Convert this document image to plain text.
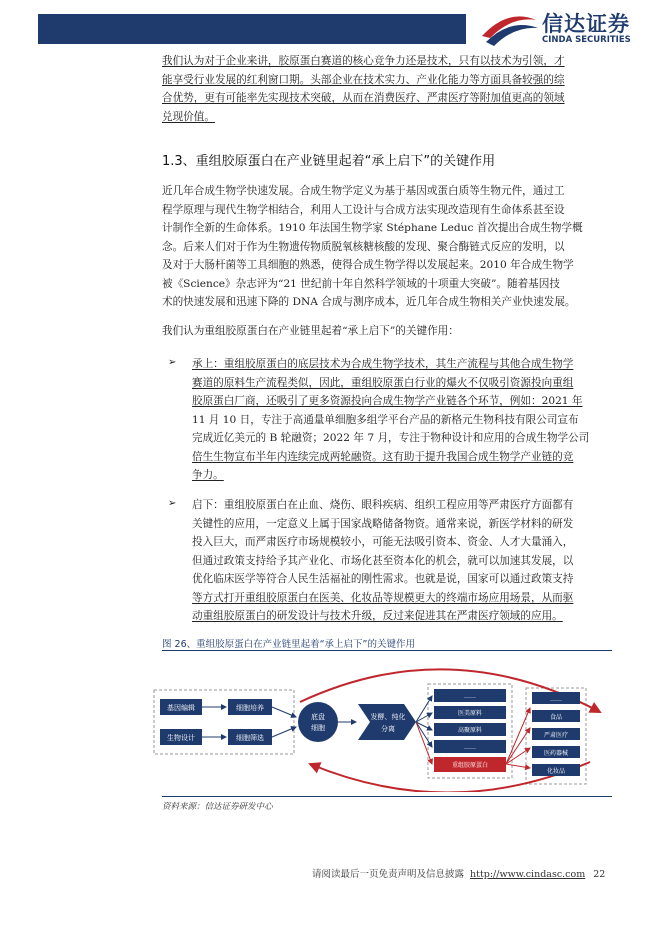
信达证券
CINDA SECURITIES
我们认为对于企业来讲，胶原蛋白赛道的核心竞争力还是技术，只有以技术为引领，才
能享受行业发展的红利窗口期。头部企业在技术实力、产业化能力等方面具备较强的综
合优势，更有可能率先实现技术突破，从而在消费医疗、严肃医疗等附加值更高的领域
兑现价值。
1.3、重组胶原蛋白在产业链里起着“承上启下”的关键作用
近几年合成生物学快速发展。合成生物学定义为基于基因或蛋白质等生物元件，通过工
程学原理与现代生物学相结合，利用人工设计与合成方法实现改造现有生命体系甚至设
计制作全新的生命体系。1910 年法国生物学家 Stéphane Leduc 首次提出合成生物学概
念。后来人们对于作为生物遗传物质脱氧核糖核酸的发现、聚合酶链式反应的发明，以
及对于大肠杆菌等工具细胞的熟悉，使得合成生物学得以发展起来。2010 年合成生物学
被《Science》杂志评为“21 世纪前十年自然科学领域的十项重大突破”。随着基因技
术的快速发展和迅速下降的 DNA 合成与测序成本，近几年合成生物相关产业快速发展。
我们认为重组胶原蛋白在产业链里起着“承上启下”的关键作用：
➢ 承上：重组胶原蛋白的底层技术为合成生物学技术，其生产流程与其他合成生物学
赛道的原料生产流程类似，因此，重组胶原蛋白行业的爆火不仅吸引资源投向重组
胶原蛋白厂商，还吸引了更多资源投向合成生物学产业链各个环节，例如：2021 年
11 月 10 日，专注于高通量单细胞多组学平台产品的新格元生物科技有限公司宣布
完成近亿美元的 B 轮融资；2022 年 7 月，专注于物种设计和应用的合成生物学公司
倍生生物宣布半年内连续完成两轮融资。这有助于提升我国合成生物学产业链的竞
争力。
➢ 启下：重组胶原蛋白在止血、烧伤、眼科疾病、组织工程应用等严肃医疗方面都有
关键性的应用，一定意义上属于国家战略储备物资。通常来说，新医学材料的研发
投入巨大，而严肃医疗市场规模较小，可能无法吸引资本、资金、人才大量涌入，
但通过政策支持给予其产业化、市场化甚至资本化的机会，就可以加速其发展，以
优化临床医学等符合人民生活福祉的刚性需求。也就是说，国家可以通过政策支持
等方式打开重组胶原蛋白在医美、化妆品等规模更大的终端市场应用场景，从而驱
动重组胶原蛋白的研发设计与技术升级，反过来促进其在严肃医疗领域的应用。
图 26、重组胶原蛋白在产业链里起着“承上启下”的关键作用
基因编辑
生物设计
细胞培养
细胞筛选
底盘
细胞
发酵、纯化
分离
……
医美原料
高聚原料
……
重组胶原蛋白
……
食品
严肃医疗
医药器械
化妆品
资料来源：信达证券研发中心
请阅读最后一页免责声明及信息披露 http://www.cindasc.com 22
